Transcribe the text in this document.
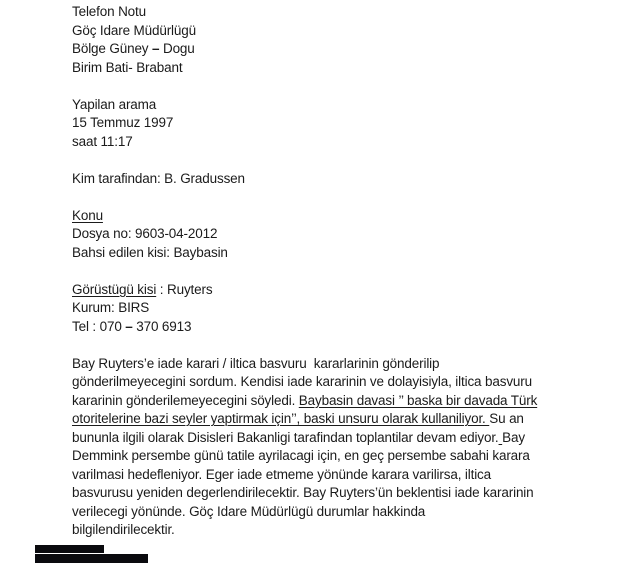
Telefon Notu
Göç Idare Müdürlügü
Bölge Güney – Dogu
Birim Bati- Brabant

Yapilan arama
15 Temmuz 1997
saat 11:17

Kim tarafindan: B. Gradussen

Konu
Dosya no: 9603-04-2012
Bahsi edilen kisi: Baybasin

Görüstügü kisi : Ruyters
Kurum: BIRS
Tel : 070 – 370 6913

Bay Ruyters’e iade karari / iltica basvuru  kararlarinin gönderilip
gönderilmeyecegini sordum. Kendisi iade kararinin ve dolayisiyla, iltica basvuru
kararinin gönderilemeyecegini söyledi. Baybasin davasi ’’ baska bir davada Türk
otoritelerine bazi seyler yaptirmak için’’, baski unsuru olarak kullaniliyor. Su an
bununla ilgili olarak Disisleri Bakanligi tarafindan toplantilar devam ediyor. Bay
Demmink persembe günü tatile ayrilacagi için, en geç persembe sabahi karara
varilmasi hedefleniyor. Eger iade etmeme yönünde karara varilirsa, iltica
basvurusu yeniden degerlendirilecektir. Bay Ruyters’ün beklentisi iade kararinin
verilecegi yönünde. Göç Idare Müdürlügü durumlar hakkinda
bilgilendirilecektir.
